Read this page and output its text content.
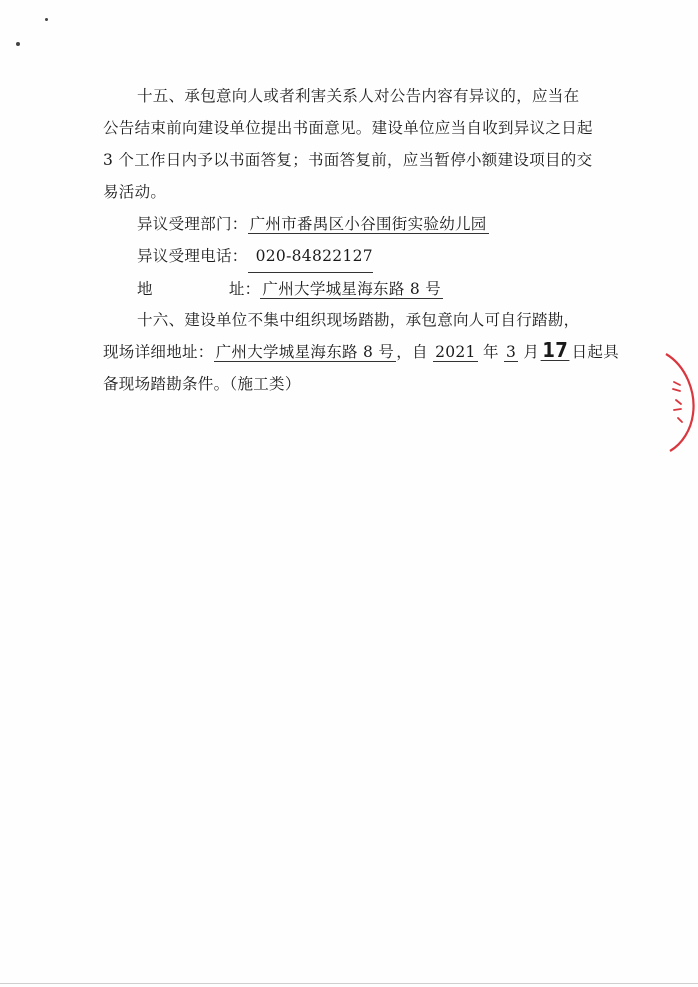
十五、承包意向人或者利害关系人对公告内容有异议的，应当在公告结束前向建设单位提出书面意见。建设单位应当自收到异议之日起 3 个工作日内予以书面答复；书面答复前，应当暂停小额建设项目的交易活动。

异议受理部门： 广州市番禺区小谷围街实验幼儿园

异议受理电话： 020-84822127

地	址： 广州大学城星海东路 8 号

十六、建设单位不集中组织现场踏勘，承包意向人可自行踏勘，

现场详细地址： 广州大学城星海东路 8 号 ，自 2021 年 3 月 17 日起具

备现场踏勘条件。（施工类）
